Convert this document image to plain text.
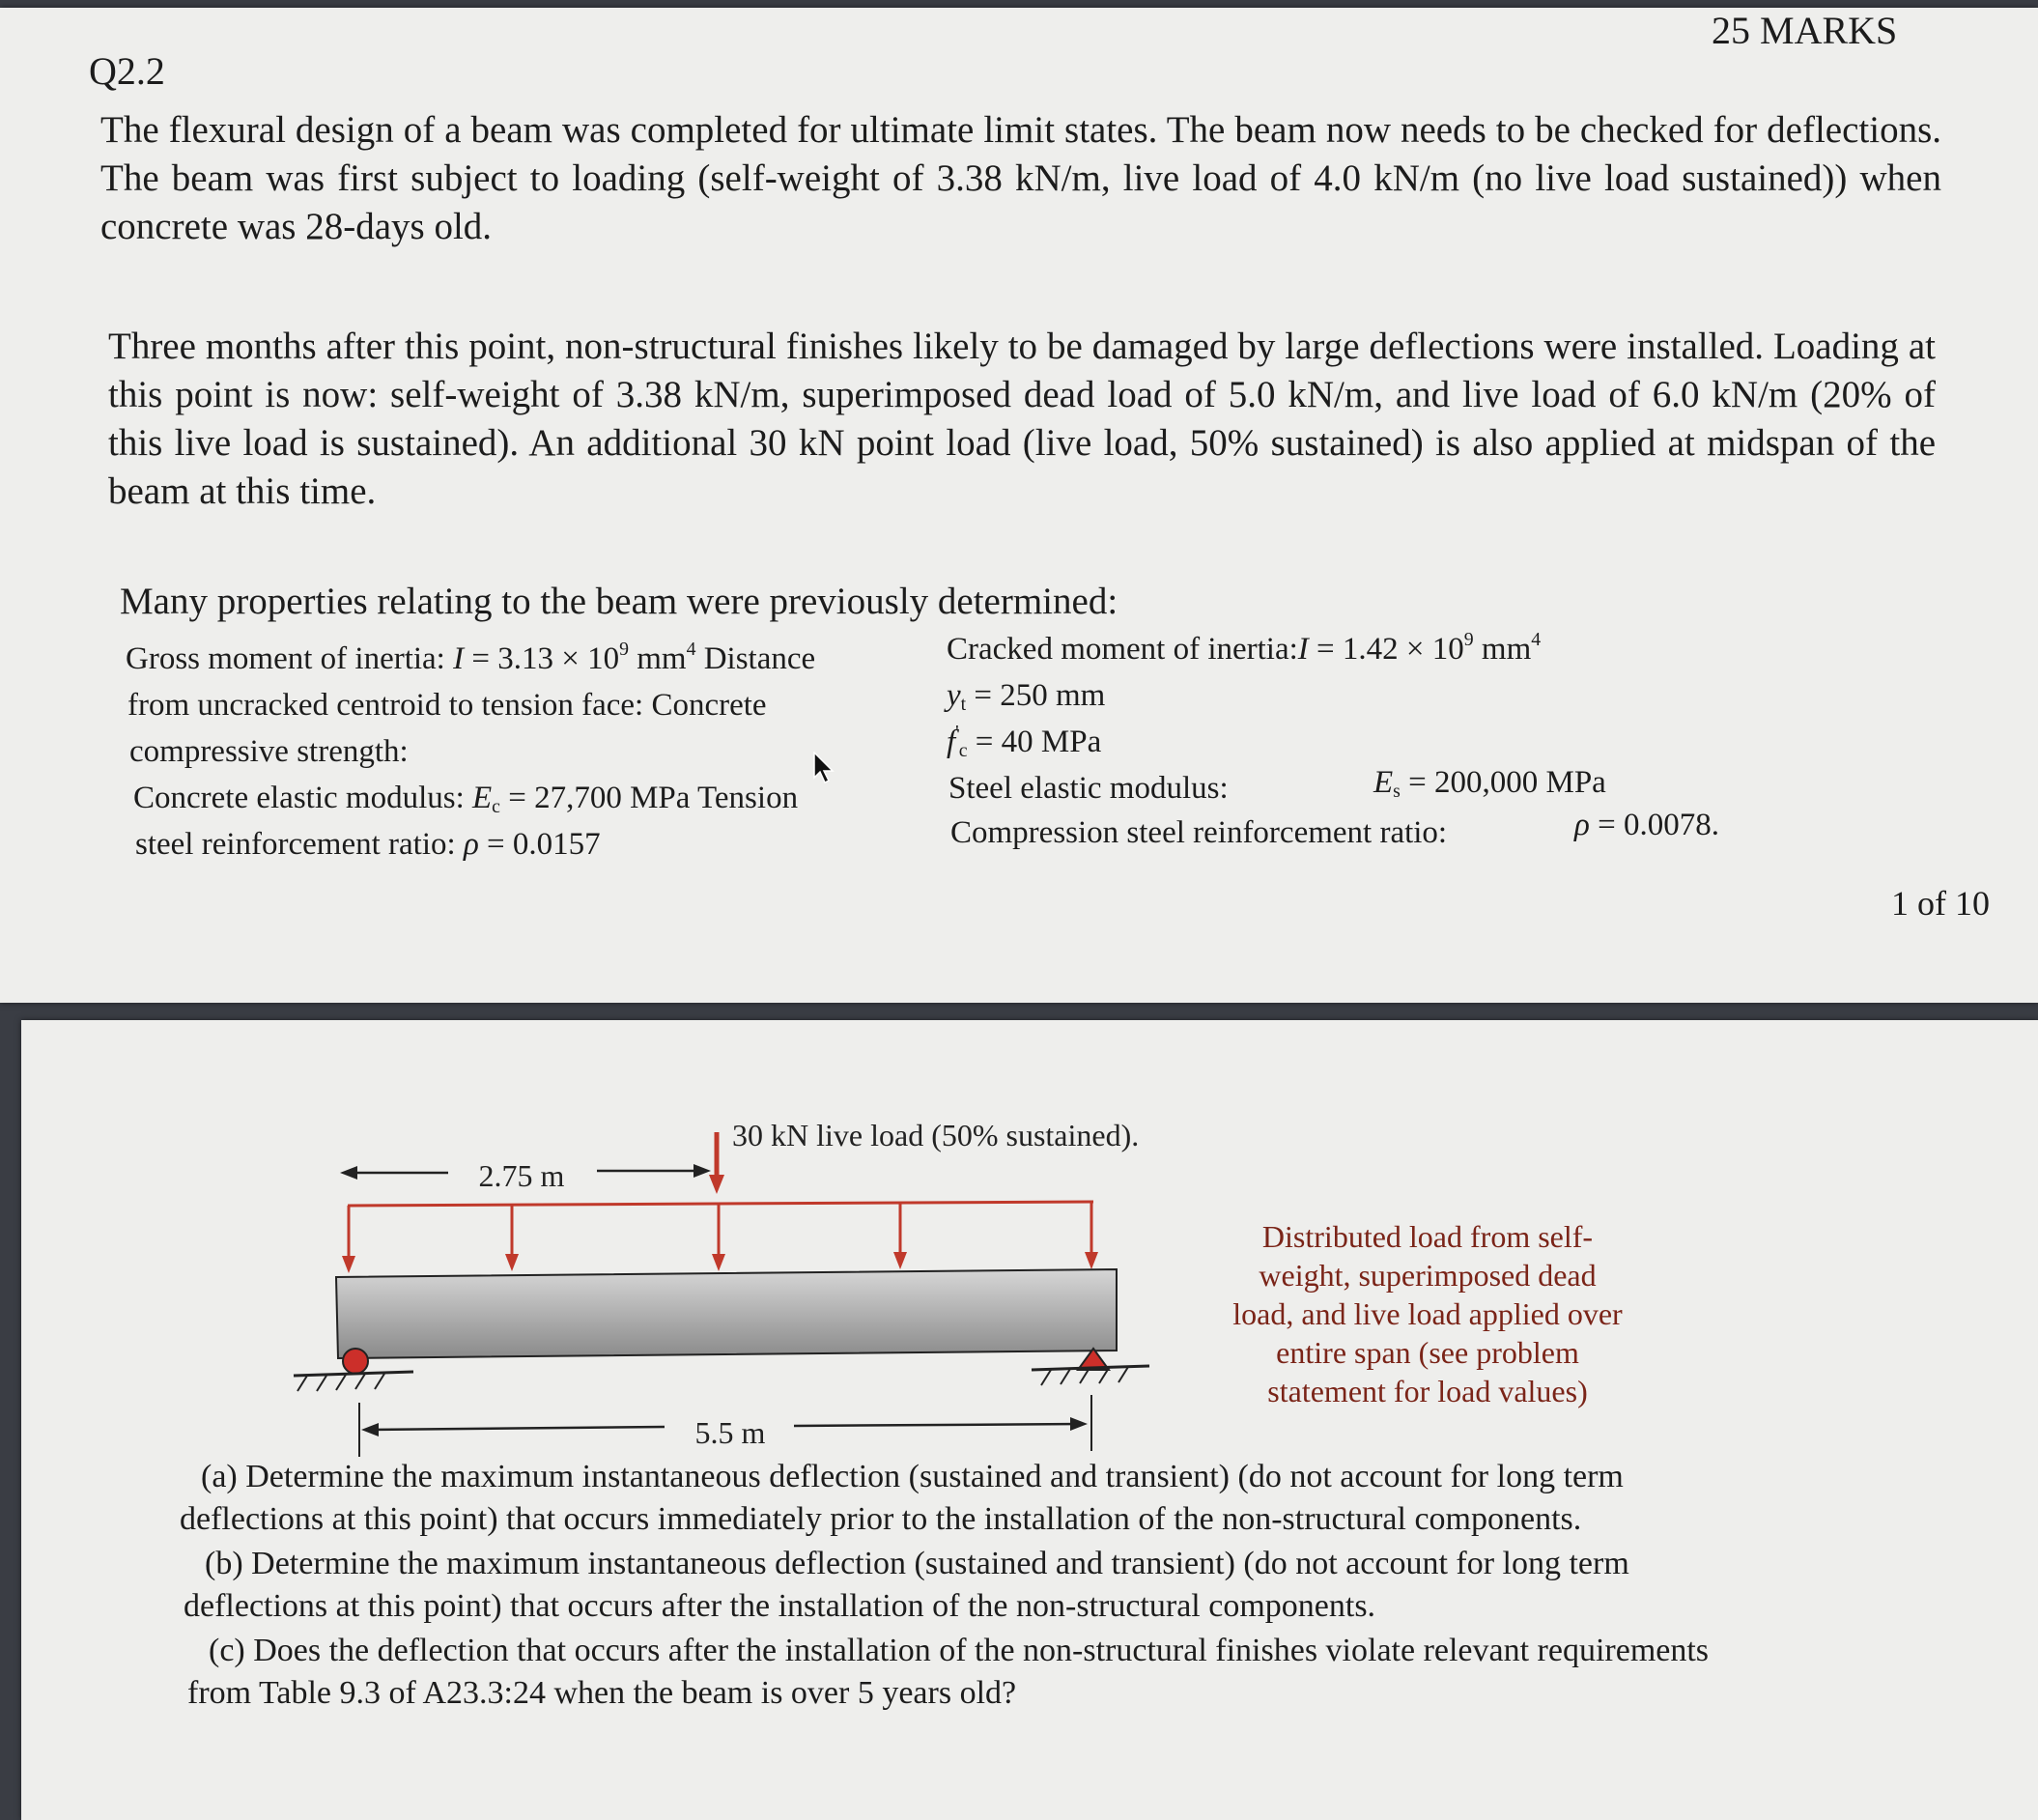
25 MARKS
Q2.2
The flexural design of a beam was completed for ultimate limit states. The beam now needs to be checked for deflections. The beam was first subject to loading (self-weight of 3.38 kN/m, live load of 4.0 kN/m (no live load sustained)) when concrete was 28-days old.
Three months after this point, non-structural finishes likely to be damaged by large deflections were installed. Loading at this point is now: self-weight of 3.38 kN/m, superimposed dead load of 5.0 kN/m, and live load of 6.0 kN/m (20% of this live load is sustained). An additional 30 kN point load (live load, 50% sustained) is also applied at midspan of the beam at this time.
Many properties relating to the beam were previously determined:
Gross moment of inertia: $I = 3.13 \times 10^9$ $mm^4$ Distance
from uncracked centroid to tension face: Concrete
compressive strength:
Concrete elastic modulus: $E_c = 27,700$ MPa Tension
steel reinforcement ratio: ρ = 0.0157
Cracked moment of inertia:I = $1.42 \times 10^9$ $mm^4$
$y_t = 250$ mm
$f'_c = 40$ MPa
Steel elastic modulus:	$E_s = 200,000$ MPa
Compression steel reinforcement ratio:	ρ = 0.0078.
1 of 10
2.75 m
30 kN live load (50% sustained).
5.5 m
Distributed load from self-
weight, superimposed dead
load, and live load applied over
entire span (see problem
statement for load values)
(a) Determine the maximum instantaneous deflection (sustained and transient) (do not account for long term
deflections at this point) that occurs immediately prior to the installation of the non-structural components.
(b) Determine the maximum instantaneous deflection (sustained and transient) (do not account for long term
deflections at this point) that occurs after the installation of the non-structural components.
(c) Does the deflection that occurs after the installation of the non-structural finishes violate relevant requirements
from Table 9.3 of A23.3:24 when the beam is over 5 years old?
